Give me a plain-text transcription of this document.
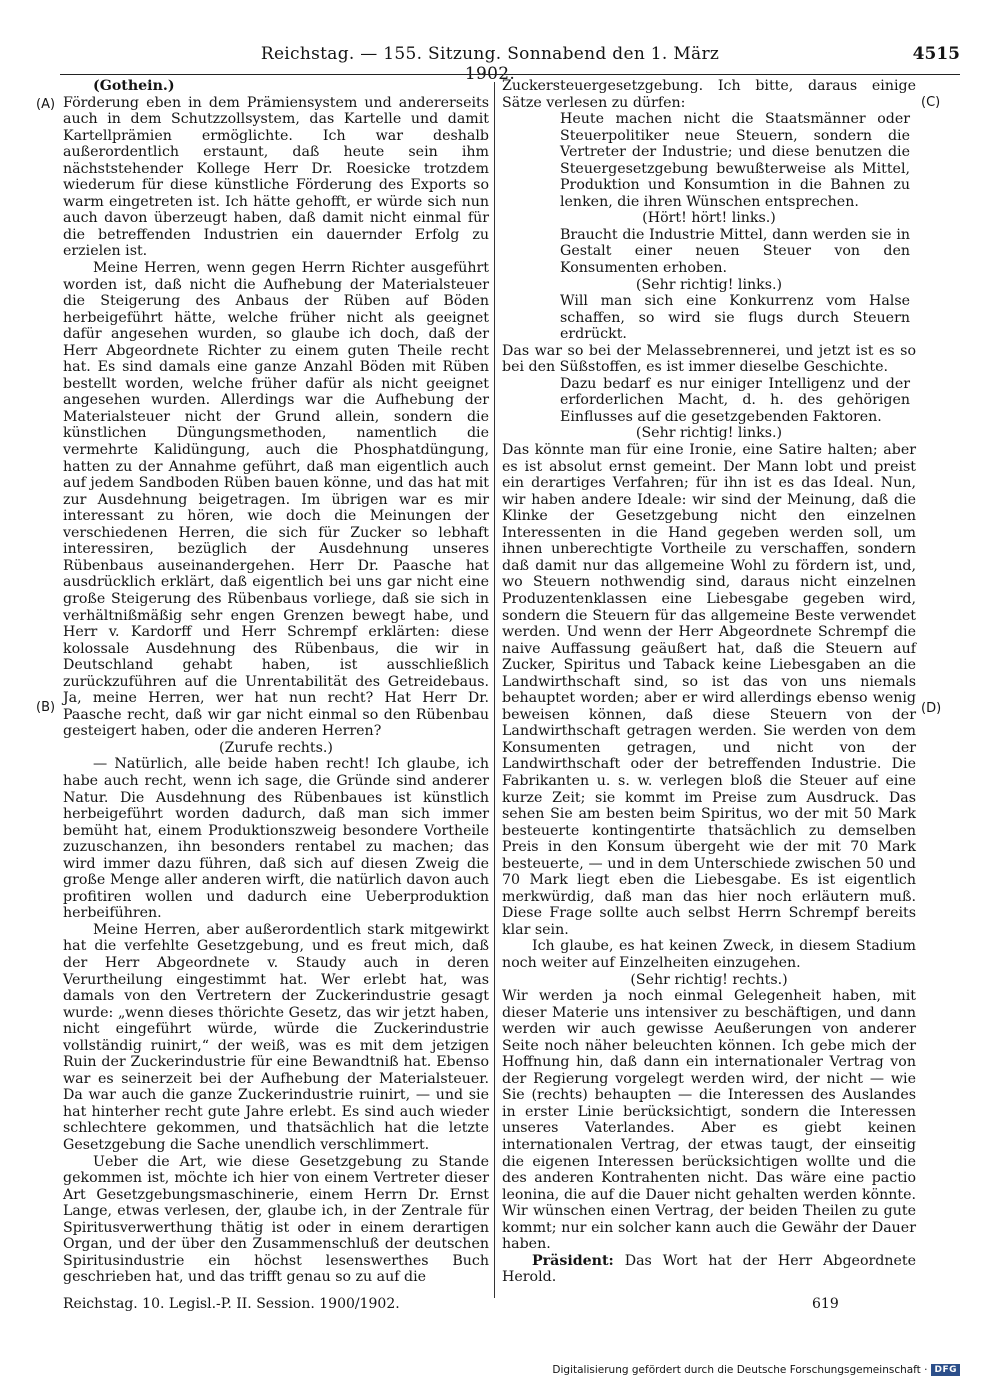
Reichstag. — 155. Sitzung. Sonnabend den 1. März 1902.
4515
(A)
(B)
(C)
(D)

(Gothein.)

Förderung eben in dem Prämiensystem und andererseits auch in dem Schutzzollsystem, das Kartelle und damit Kartellprämien ermöglichte. Ich war deshalb außerordentlich erstaunt, daß heute sein ihm nächststehender Kollege Herr Dr. Roesicke trotzdem wiederum für diese künstliche Förderung des Exports so warm eingetreten ist. Ich hätte gehofft, er würde sich nun auch davon überzeugt haben, daß damit nicht einmal für die betreffenden Industrien ein dauernder Erfolg zu erzielen ist.

Meine Herren, wenn gegen Herrn Richter ausgeführt worden ist, daß nicht die Aufhebung der Materialsteuer die Steigerung des Anbaus der Rüben auf Böden herbeigeführt hätte, welche früher nicht als geeignet dafür angesehen wurden, so glaube ich doch, daß der Herr Abgeordnete Richter zu einem guten Theile recht hat. Es sind damals eine ganze Anzahl Böden mit Rüben bestellt worden, welche früher dafür als nicht geeignet angesehen wurden. Allerdings war die Aufhebung der Materialsteuer nicht der Grund allein, sondern die künstlichen Düngungsmethoden, namentlich die vermehrte Kalidüngung, auch die Phosphatdüngung, hatten zu der Annahme geführt, daß man eigentlich auch auf jedem Sandboden Rüben bauen könne, und das hat mit zur Ausdehnung beigetragen. Im übrigen war es mir interessant zu hören, wie doch die Meinungen der verschiedenen Herren, die sich für Zucker so lebhaft interessiren, bezüglich der Ausdehnung unseres Rübenbaus auseinandergehen. Herr Dr. Paasche hat ausdrücklich erklärt, daß eigentlich bei uns gar nicht eine große Steigerung des Rübenbaus vorliege, daß sie sich in verhältnißmäßig sehr engen Grenzen bewegt habe, und Herr v. Kardorff und Herr Schrempf erklärten: diese kolossale Ausdehnung des Rübenbaus, die wir in Deutschland gehabt haben, ist ausschließlich zurückzuführen auf die Unrentabilität des Getreidebaus. Ja, meine Herren, wer hat nun recht? Hat Herr Dr. Paasche recht, daß wir gar nicht einmal so den Rübenbau gesteigert haben, oder die anderen Herren?

(Zurufe rechts.)

— Natürlich, alle beide haben recht! Ich glaube, ich habe auch recht, wenn ich sage, die Gründe sind anderer Natur. Die Ausdehnung des Rübenbaues ist künstlich herbeigeführt worden dadurch, daß man sich immer bemüht hat, einem Produktionszweig besondere Vortheile zuzuschanzen, ihn besonders rentabel zu machen; das wird immer dazu führen, daß sich auf diesen Zweig die große Menge aller anderen wirft, die natürlich davon auch profitiren wollen und dadurch eine Ueberproduktion herbeiführen.

Meine Herren, aber außerordentlich stark mitgewirkt hat die verfehlte Gesetzgebung, und es freut mich, daß der Herr Abgeordnete v. Staudy auch in deren Verurtheilung eingestimmt hat. Wer erlebt hat, was damals von den Vertretern der Zuckerindustrie gesagt wurde: „wenn dieses thörichte Gesetz, das wir jetzt haben, nicht eingeführt würde, würde die Zuckerindustrie vollständig ruinirt,“ der weiß, was es mit dem jetzigen Ruin der Zuckerindustrie für eine Bewandtniß hat. Ebenso war es seinerzeit bei der Aufhebung der Materialsteuer. Da war auch die ganze Zuckerindustrie ruinirt, — und sie hat hinterher recht gute Jahre erlebt. Es sind auch wieder schlechtere gekommen, und thatsächlich hat die letzte Gesetzgebung die Sache unendlich verschlimmert.

Ueber die Art, wie diese Gesetzgebung zu Stande gekommen ist, möchte ich hier von einem Vertreter dieser Art Gesetzgebungsmaschinerie, einem Herrn Dr. Ernst Lange, etwas verlesen, der, glaube ich, in der Zentrale für Spiritusverwerthung thätig ist oder in einem derartigen Organ, und der über den Zusammenschluß der deutschen Spiritusindustrie ein höchst lesenswerthes Buch geschrieben hat, und das trifft genau so zu auf die

Zuckersteuergesetzgebung. Ich bitte, daraus einige Sätze verlesen zu dürfen:

Heute machen nicht die Staatsmänner oder Steuerpolitiker neue Steuern, sondern die Vertreter der Industrie; und diese benutzen die Steuergesetzgebung bewußterweise als Mittel, Produktion und Konsumtion in die Bahnen zu lenken, die ihren Wünschen entsprechen.

(Hört! hört! links.)

Braucht die Industrie Mittel, dann werden sie in Gestalt einer neuen Steuer von den Konsumenten erhoben.

(Sehr richtig! links.)

Will man sich eine Konkurrenz vom Halse schaffen, so wird sie flugs durch Steuern erdrückt.

Das war so bei der Melassebrennerei, und jetzt ist es so bei den Süßstoffen, es ist immer dieselbe Geschichte.

Dazu bedarf es nur einiger Intelligenz und der erforderlichen Macht, d. h. des gehörigen Einflusses auf die gesetzgebenden Faktoren.

(Sehr richtig! links.)

Das könnte man für eine Ironie, eine Satire halten; aber es ist absolut ernst gemeint. Der Mann lobt und preist ein derartiges Verfahren; für ihn ist es das Ideal. Nun, wir haben andere Ideale: wir sind der Meinung, daß die Klinke der Gesetzgebung nicht den einzelnen Interessenten in die Hand gegeben werden soll, um ihnen unberechtigte Vortheile zu verschaffen, sondern daß damit nur das allgemeine Wohl zu fördern ist, und, wo Steuern nothwendig sind, daraus nicht einzelnen Produzentenklassen eine Liebesgabe gegeben wird, sondern die Steuern für das allgemeine Beste verwendet werden. Und wenn der Herr Abgeordnete Schrempf die naive Auffassung geäußert hat, daß die Steuern auf Zucker, Spiritus und Taback keine Liebesgaben an die Landwirthschaft sind, so ist das von uns niemals behauptet worden; aber er wird allerdings ebenso wenig beweisen können, daß diese Steuern von der Landwirthschaft getragen werden. Sie werden von dem Konsumenten getragen, und nicht von der Landwirthschaft oder der betreffenden Industrie. Die Fabrikanten u. s. w. verlegen bloß die Steuer auf eine kurze Zeit; sie kommt im Preise zum Ausdruck. Das sehen Sie am besten beim Spiritus, wo der mit 50 Mark besteuerte kontingentirte thatsächlich zu demselben Preis in den Konsum übergeht wie der mit 70 Mark besteuerte, — und in dem Unterschiede zwischen 50 und 70 Mark liegt eben die Liebesgabe. Es ist eigentlich merkwürdig, daß man das hier noch erläutern muß. Diese Frage sollte auch selbst Herrn Schrempf bereits klar sein.

Ich glaube, es hat keinen Zweck, in diesem Stadium noch weiter auf Einzelheiten einzugehen.

(Sehr richtig! rechts.)

Wir werden ja noch einmal Gelegenheit haben, mit dieser Materie uns intensiver zu beschäftigen, und dann werden wir auch gewisse Aeußerungen von anderer Seite noch näher beleuchten können. Ich gebe mich der Hoffnung hin, daß dann ein internationaler Vertrag von der Regierung vorgelegt werden wird, der nicht — wie Sie (rechts) behaupten — die Interessen des Auslandes in erster Linie berücksichtigt, sondern die Interessen unseres Vaterlandes. Aber es giebt keinen internationalen Vertrag, der etwas taugt, der einseitig die eigenen Interessen berücksichtigen wollte und die des anderen Kontrahenten nicht. Das wäre eine pactio leonina, die auf die Dauer nicht gehalten werden könnte. Wir wünschen einen Vertrag, der beiden Theilen zu gute kommt; nur ein solcher kann auch die Gewähr der Dauer haben.

Präsident: Das Wort hat der Herr Abgeordnete Herold.

Reichstag. 10. Legisl.-P. II. Session. 1900/1902.	619
Digitalisierung gefördert durch die Deutsche Forschungsgemeinschaft · DFG
